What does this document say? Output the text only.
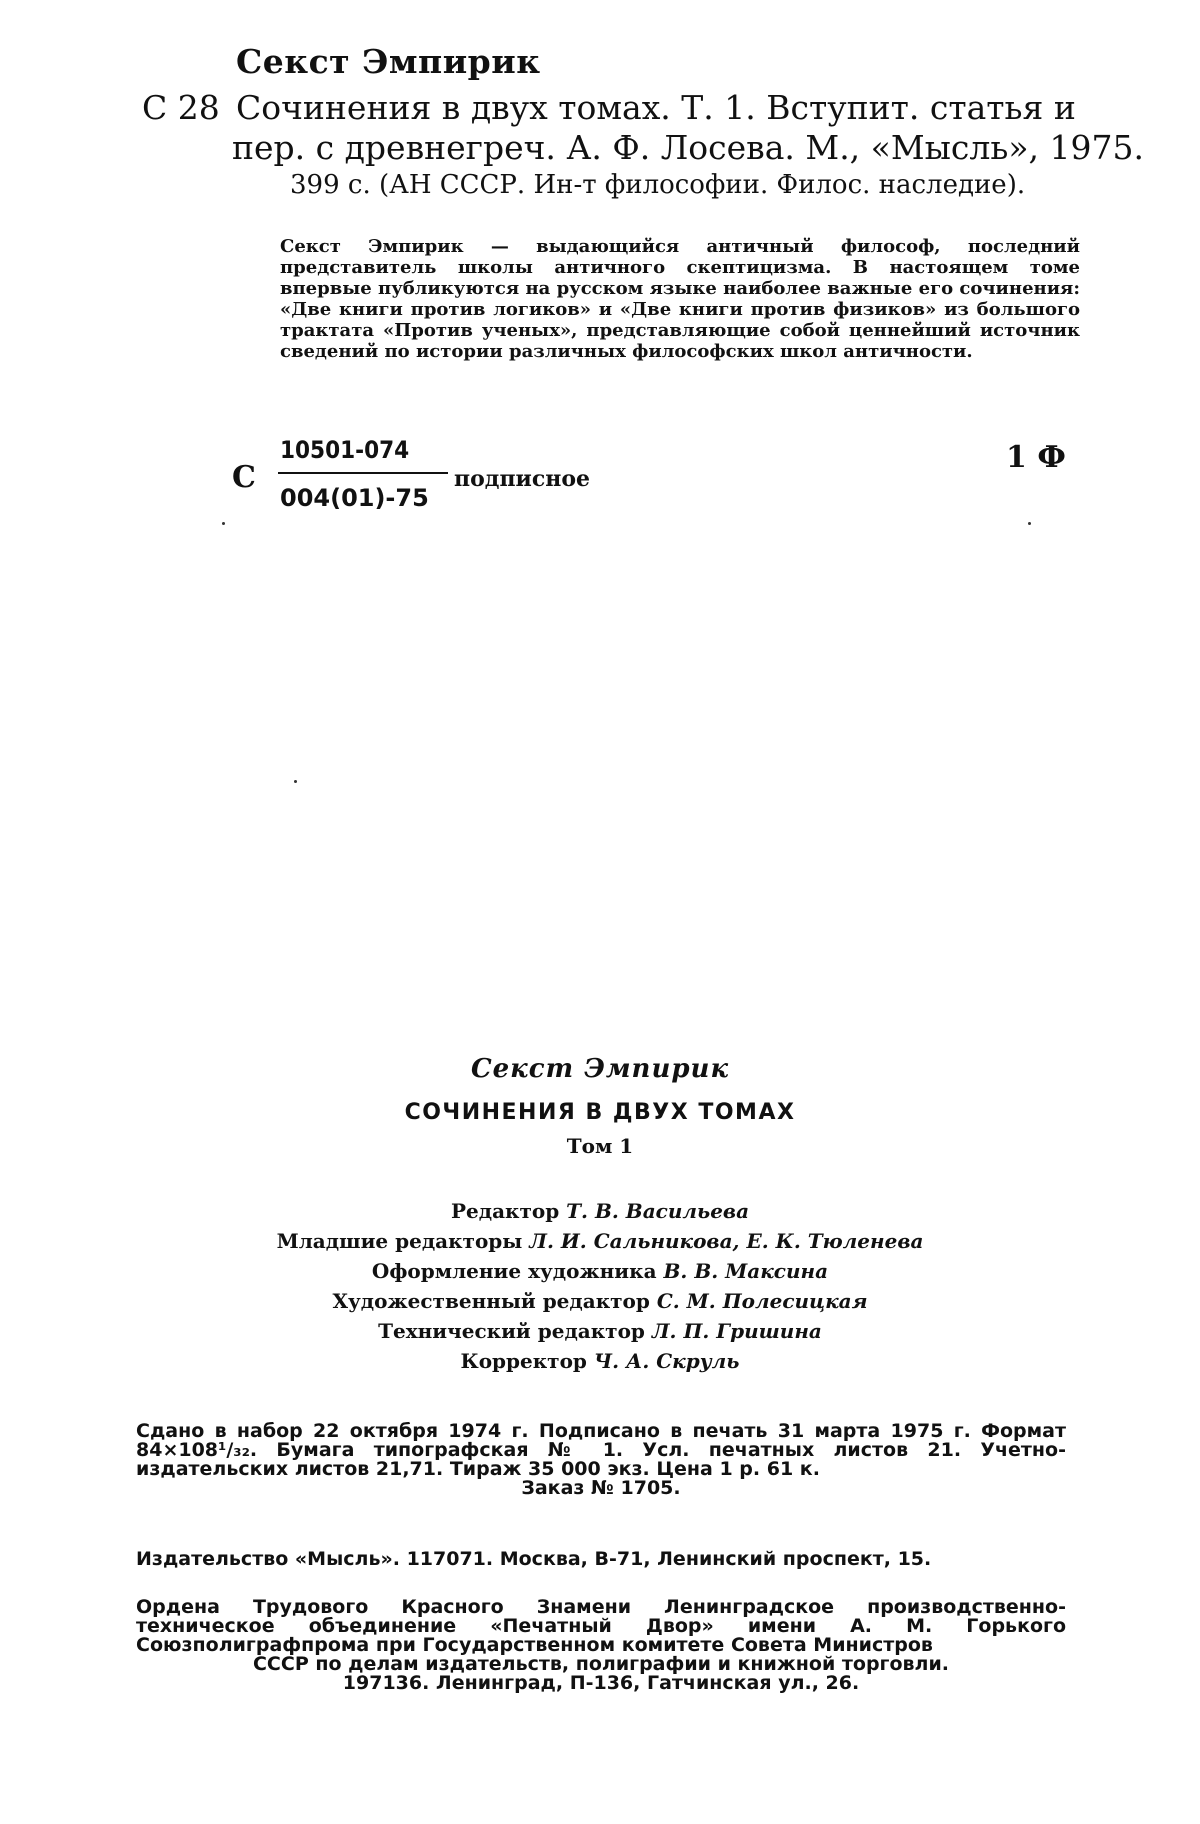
Секст Эмпирик
С 28 Сочинения в двух томах. Т. 1. Вступит. статья и
пер. с древнегреч. А. Ф. Лосева. М., «Мысль», 1975.
399 с. (АН СССР. Ин-т философии. Филос. наследие).
Секст Эмпирик — выдающийся античный философ, последний представитель школы античного скептицизма. В настоящем томе впервые публикуются на русском языке наиболее важные его сочинения: «Две книги против логиков» и «Две книги против физиков» из большого трактата «Против ученых», представляющие собой ценнейший источник сведений по истории различных философских школ античности.
С
10501-074
004(01)-75
подписное
1 Ф
Секст Эмпирик
СОЧИНЕНИЯ В ДВУХ ТОМАХ
Том 1
Редактор Т. В. Васильева
Младшие редакторы Л. И. Сальникова, Е. К. Тюленева
Оформление художника В. В. Максина
Художественный редактор С. М. Полесицкая
Технический редактор Л. П. Гришина
Корректор Ч. А. Скруль
Сдано в набор 22 октября 1974 г. Подписано в печать 31 марта 1975 г. Формат 84×108¹/₃₂. Бумага типографская № 1. Усл. печатных листов 21. Учетно-издательских листов 21,71. Тираж 35 000 экз. Цена 1 р. 61 к.
Заказ № 1705.
Издательство «Мысль». 117071. Москва, В-71, Ленинский проспект, 15.
Ордена Трудового Красного Знамени Ленинградское производственно-техническое объединение «Печатный Двор» имени А. М. Горького Союзполиграфпрома при Государственном комитете Совета Министров
СССР по делам издательств, полиграфии и книжной торговли.
197136. Ленинград, П-136, Гатчинская ул., 26.
